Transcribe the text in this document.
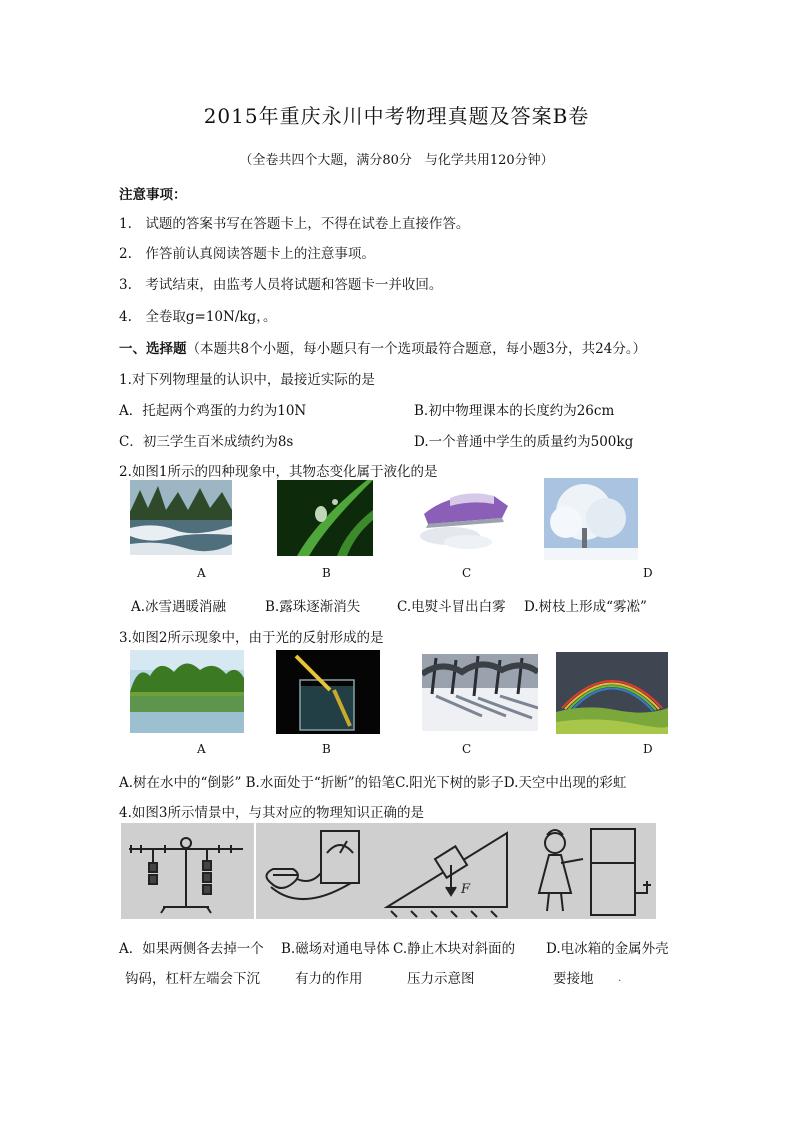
2015年重庆永川中考物理真题及答案B卷
（全卷共四个大题，满分80分　与化学共用120分钟）
注意事项：
1.　试题的答案书写在答题卡上，不得在试卷上直接作答。
2.　作答前认真阅读答题卡上的注意事项。
3.　考试结束，由监考人员将试题和答题卡一并收回。
4.　全卷取g=10N/kg，。
一、选择题（本题共8个小题，每小题只有一个选项最符合题意，每小题3分，共24分。）
1.对下列物理量的认识中，最接近实际的是
A．托起两个鸡蛋的力约为10N	B.初中物理课本的长度约为26cm
C．初三学生百米成绩约为8s	D.一个普通中学生的质量约为500kg
2.如图1所示的四种现象中，其物态变化属于液化的是
A	B	C	D
A.冰雪遇暖消融	B.露珠逐渐消失	C.电熨斗冒出白雾 D.树枝上形成“雾凇”
3.如图2所示现象中，由于光的反射形成的是
A	B	C	D
A.树在水中的“倒影” B.水面处于“折断”的铅笔C.阳光下树的影子D.天空中出现的彩虹
4.如图3所示情景中，与其对应的物理知识正确的是
F
A．如果两侧各去掉一个 B.磁场对通电导体 C.静止木块对斜面的 D.电冰箱的金属外壳
钩码，杠杆左端会下沉	有力的作用	压力示意图	要接地 .
